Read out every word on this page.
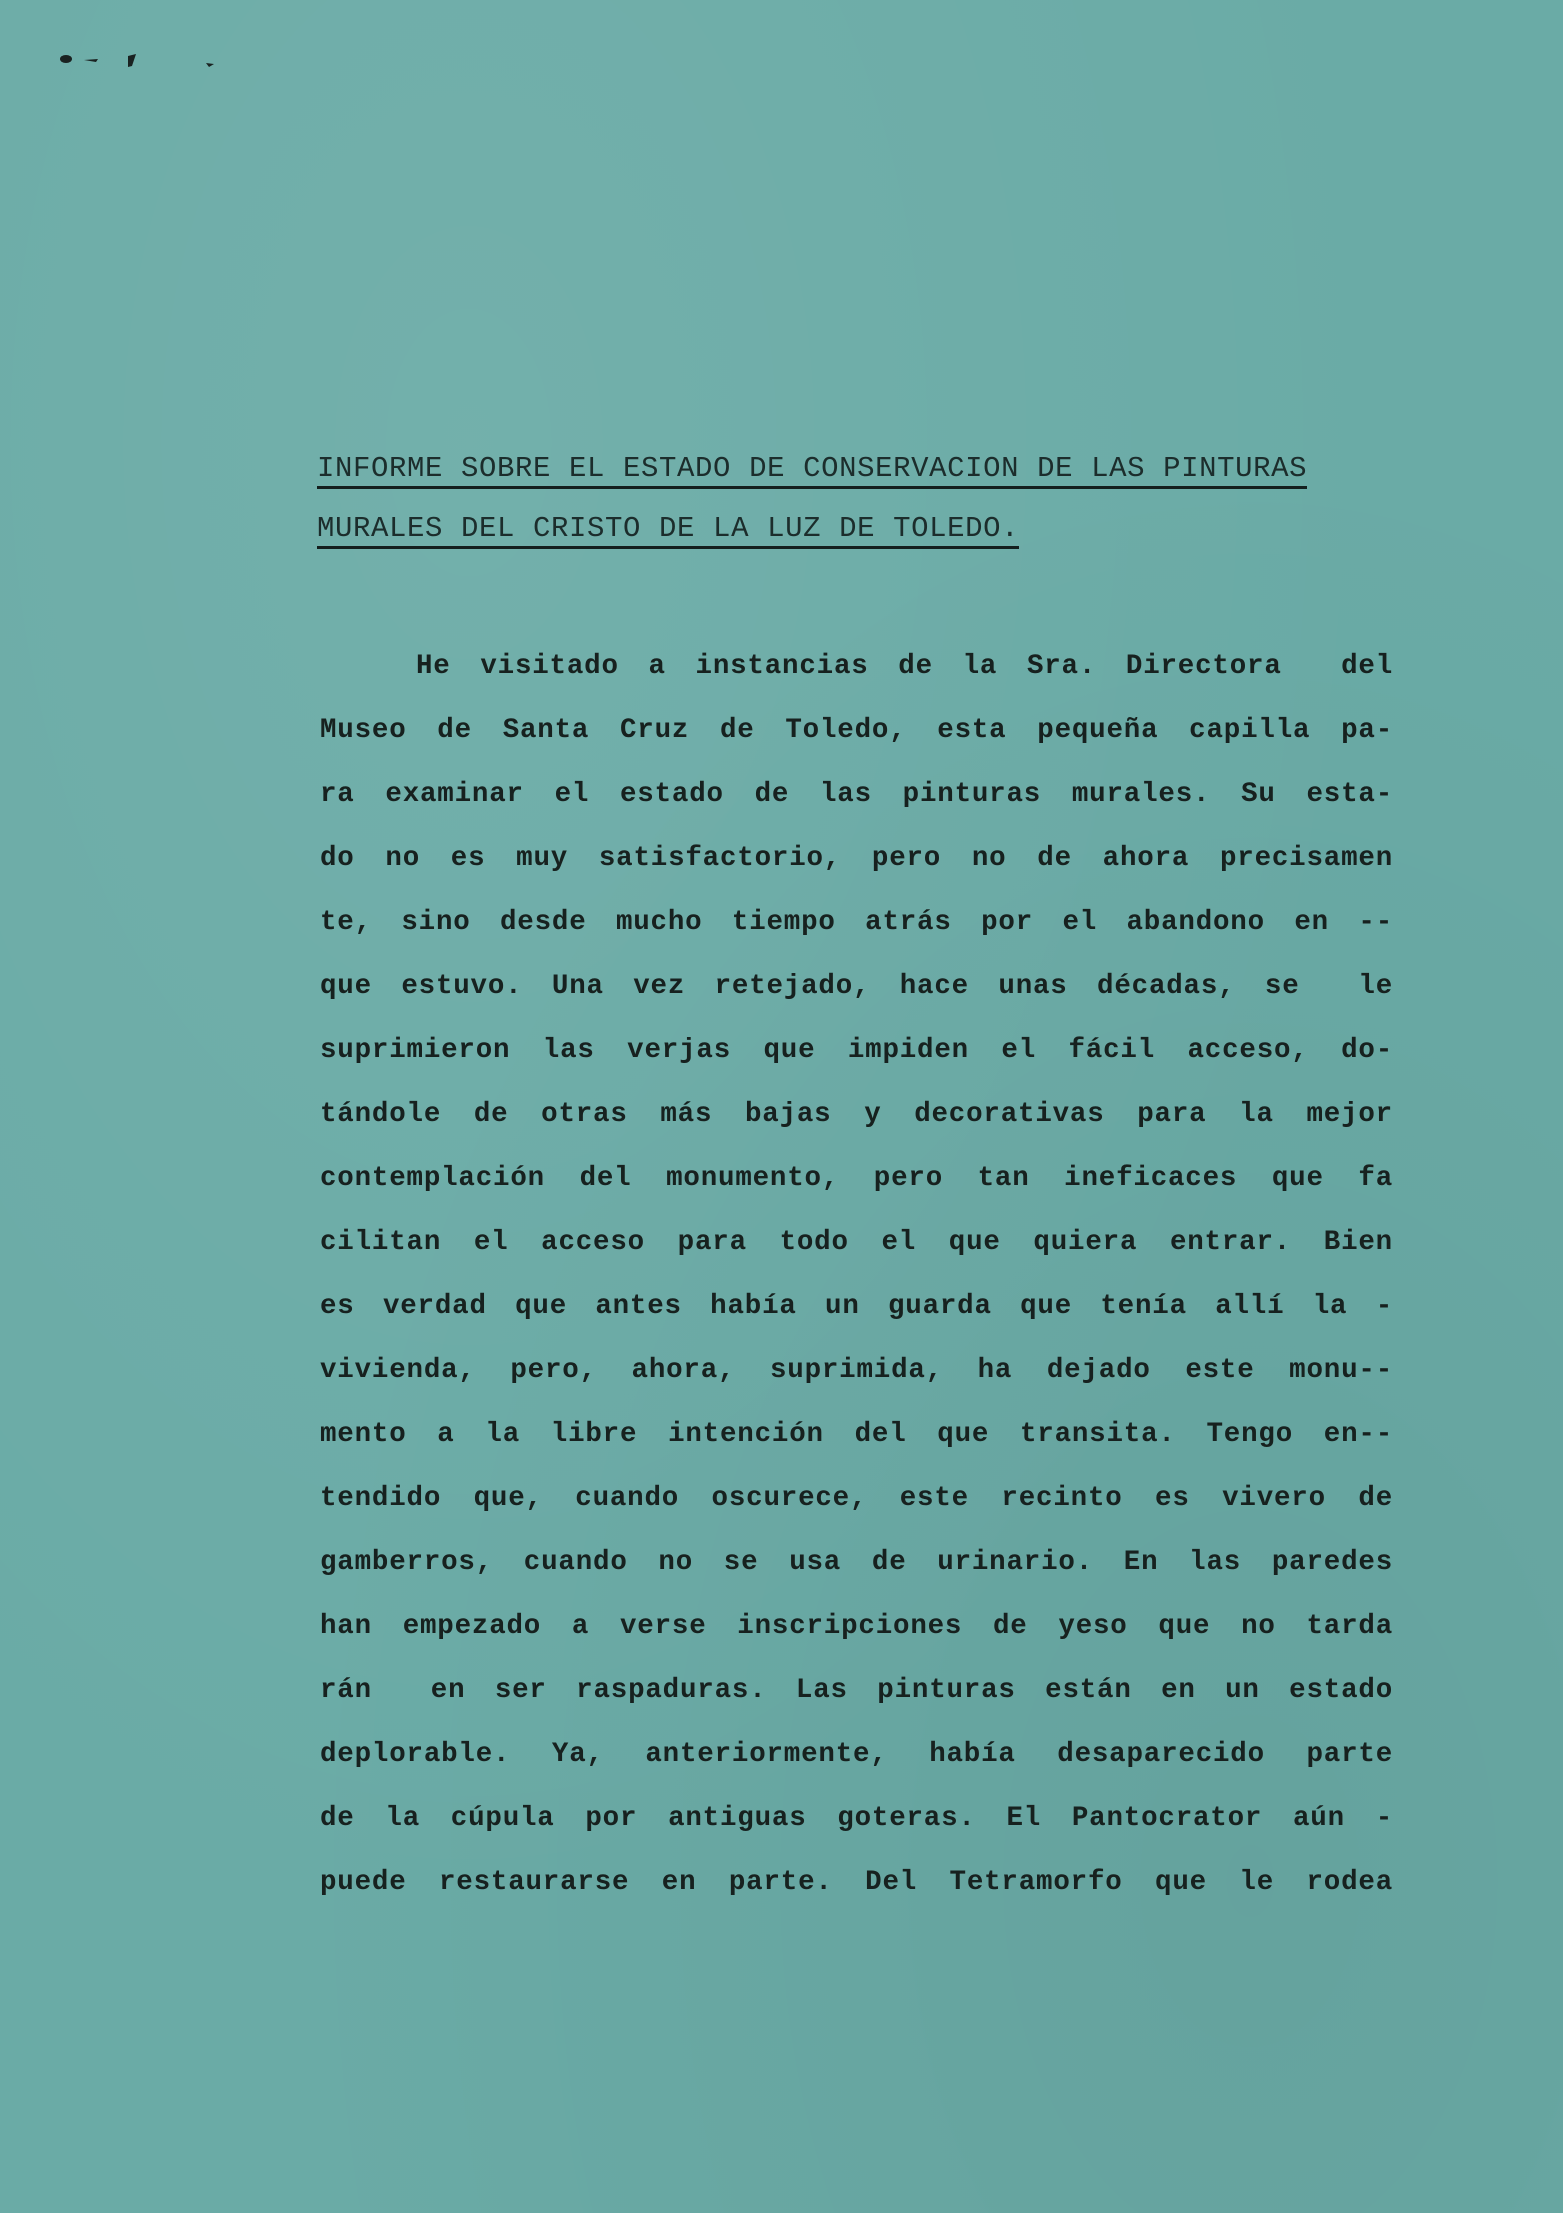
INFORME SOBRE EL ESTADO DE CONSERVACION DE LAS PINTURAS
MURALES DEL CRISTO DE LA LUZ DE TOLEDO.
He visitado a instancias de la Sra. Directora  del
Museo de Santa Cruz de Toledo, esta pequeña capilla pa-
ra examinar el estado de las pinturas murales. Su esta-
do no es muy satisfactorio, pero no de ahora precisamen
te, sino desde mucho tiempo atrás por el abandono en --
que estuvo. Una vez retejado, hace unas décadas, se  le
suprimieron las verjas que impiden el fácil acceso, do-
tándole de otras más bajas y decorativas para la mejor
contemplación del monumento, pero tan ineficaces que fa
cilitan el acceso para todo el que quiera entrar. Bien
es verdad que antes había un guarda que tenía allí la -
vivienda, pero, ahora, suprimida, ha dejado este monu--
mento a la libre intención del que transita. Tengo en--
tendido que, cuando oscurece, este recinto es vivero de
gamberros, cuando no se usa de urinario. En las paredes
han empezado a verse inscripciones de yeso que no tarda
rán  en ser raspaduras. Las pinturas están en un estado
deplorable. Ya, anteriormente, había desaparecido parte
de la cúpula por antiguas goteras. El Pantocrator aún -
puede restaurarse en parte. Del Tetramorfo que le rodea
